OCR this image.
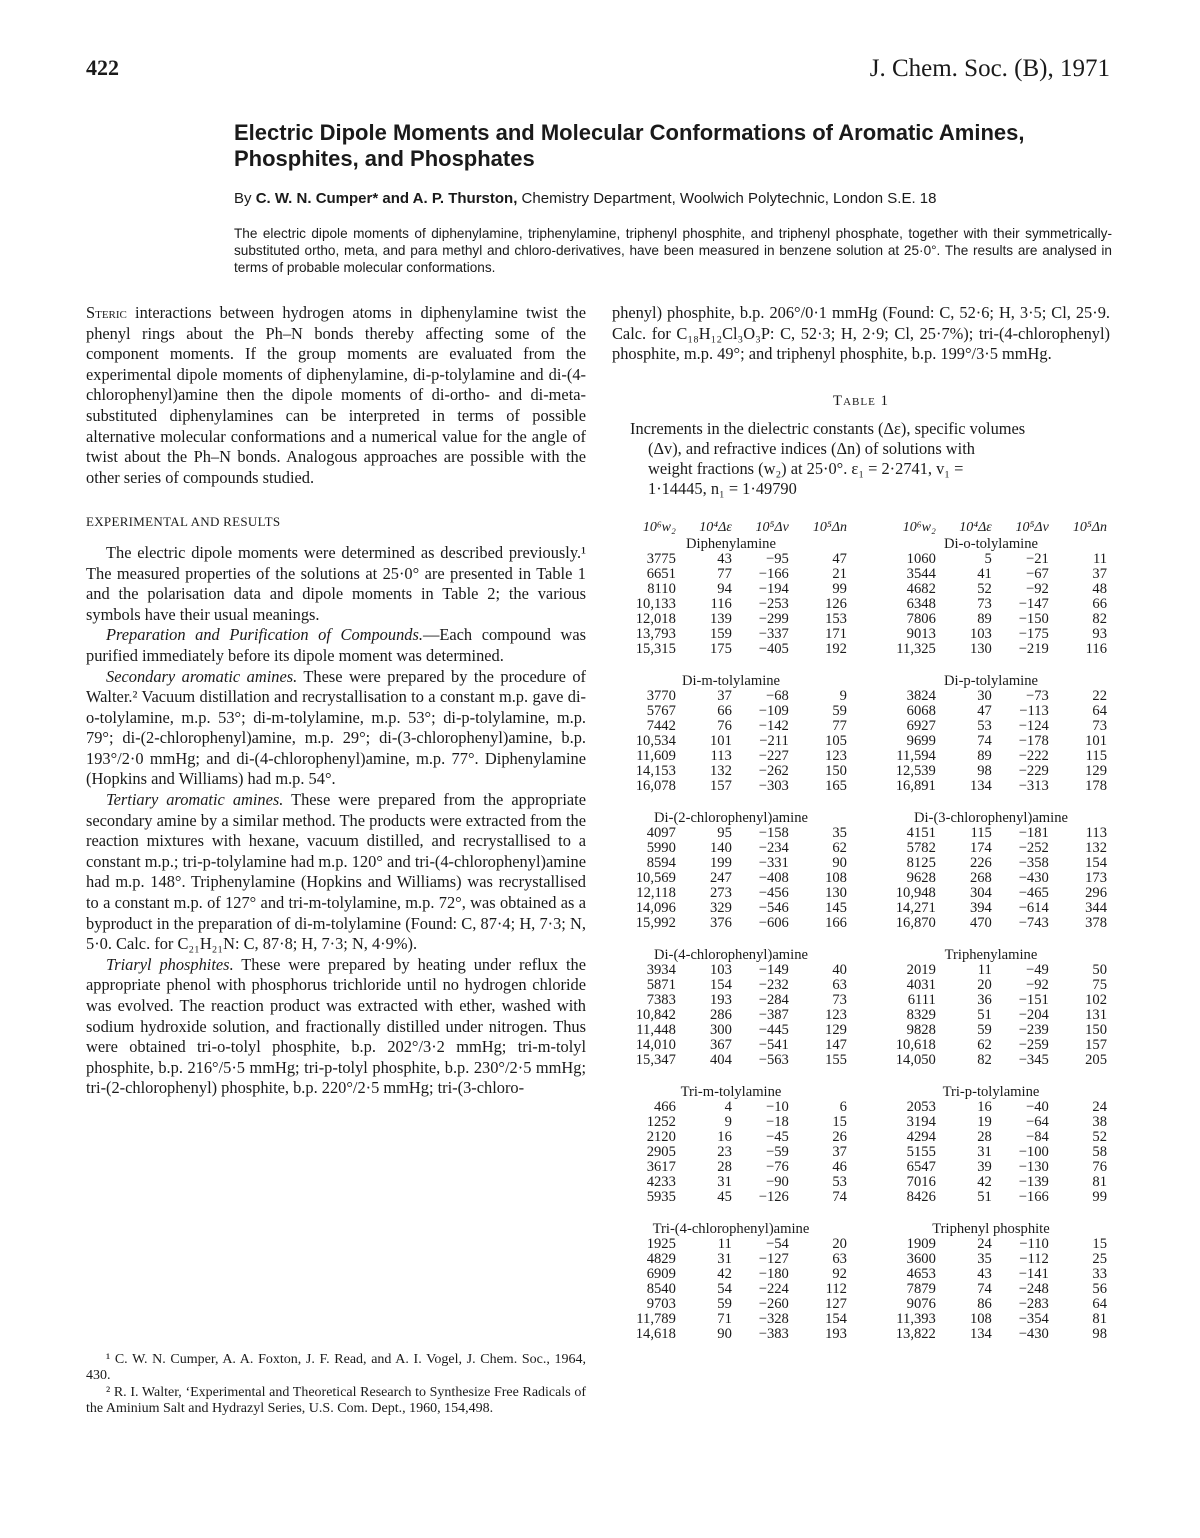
422	J. Chem. Soc. (B), 1971
Electric Dipole Moments and Molecular Conformations of Aromatic Amines, Phosphites, and Phosphates
By C. W. N. Cumper* and A. P. Thurston, Chemistry Department, Woolwich Polytechnic, London S.E. 18

The electric dipole moments of diphenylamine, triphenylamine, triphenyl phosphite, and triphenyl phosphate, together with their symmetrically-substituted ortho, meta, and para methyl and chloro-derivatives, have been measured in benzene solution at 25·0°. The results are analysed in terms of probable molecular conformations.

Steric interactions between hydrogen atoms in diphenylamine twist the phenyl rings about the Ph–N bonds thereby affecting some of the component moments. If the group moments are evaluated from the experimental dipole moments of diphenylamine, di-p-tolylamine and di-(4-chlorophenyl)amine then the dipole moments of di-ortho- and di-meta-substituted diphenylamines can be interpreted in terms of possible alternative molecular conformations and a numerical value for the angle of twist about the Ph–N bonds. Analogous approaches are possible with the other series of compounds studied.

EXPERIMENTAL AND RESULTS

The electric dipole moments were determined as described previously.¹ The measured properties of the solutions at 25·0° are presented in Table 1 and the polarisation data and dipole moments in Table 2; the various symbols have their usual meanings.

Preparation and Purification of Compounds.—Each compound was purified immediately before its dipole moment was determined.

Secondary aromatic amines. These were prepared by the procedure of Walter.² Vacuum distillation and recrystallisation to a constant m.p. gave di-o-tolylamine, m.p. 53°; di-m-tolylamine, m.p. 53°; di-p-tolylamine, m.p. 79°; di-(2-chlorophenyl)amine, m.p. 29°; di-(3-chlorophenyl)amine, b.p. 193°/2·0 mmHg; and di-(4-chlorophenyl)amine, m.p. 77°. Diphenylamine (Hopkins and Williams) had m.p. 54°.

Tertiary aromatic amines. These were prepared from the appropriate secondary amine by a similar method. The products were extracted from the reaction mixtures with hexane, vacuum distilled, and recrystallised to a constant m.p.; tri-p-tolylamine had m.p. 120° and tri-(4-chlorophenyl)amine had m.p. 148°. Triphenylamine (Hopkins and Williams) was recrystallised to a constant m.p. of 127° and tri-m-tolylamine, m.p. 72°, was obtained as a byproduct in the preparation of di-m-tolylamine (Found: C, 87·4; H, 7·3; N, 5·0. Calc. for C₂₁H₂₁N: C, 87·8; H, 7·3; N, 4·9%).

Triaryl phosphites. These were prepared by heating under reflux the appropriate phenol with phosphorus trichloride until no hydrogen chloride was evolved. The reaction product was extracted with ether, washed with sodium hydroxide solution, and fractionally distilled under nitrogen. Thus were obtained tri-o-tolyl phosphite, b.p. 202°/3·2 mmHg; tri-m-tolyl phosphite, b.p. 216°/5·5 mmHg; tri-p-tolyl phosphite, b.p. 230°/2·5 mmHg; tri-(2-chlorophenyl) phosphite, b.p. 220°/2·5 mmHg; tri-(3-chloro-

¹ C. W. N. Cumper, A. A. Foxton, J. F. Read, and A. I. Vogel, J. Chem. Soc., 1964, 430.

² R. I. Walter, ‘Experimental and Theoretical Research to Synthesize Free Radicals of the Aminium Salt and Hydrazyl Series, U.S. Com. Dept., 1960, 154,498.

phenyl) phosphite, b.p. 206°/0·1 mmHg (Found: C, 52·6; H, 3·5; Cl, 25·9. Calc. for C₁₈H₁₂Cl₃O₃P: C, 52·3; H, 2·9; Cl, 25·7%); tri-(4-chlorophenyl) phosphite, m.p. 49°; and triphenyl phosphite, b.p. 199°/3·5 mmHg.

Table 1

Increments in the dielectric constants (Δε), specific volumes
(Δv), and refractive indices (Δn) of solutions with
weight fractions (w₂) at 25·0°. ε₁ = 2·2741, v₁ =
1·14445, n₁ = 1·49790
10⁶w₂	10⁴Δε	10⁵Δv	10⁵Δn		10⁶w₂	10⁴Δε	10⁵Δv	10⁵Δn
Diphenylamine					Di-o-tolylamine			
3775	43	−95	47		1060	5	−21	11
6651	77	−166	21		3544	41	−67	37
8110	94	−194	99		4682	52	−92	48
10,133	116	−253	126		6348	73	−147	66
12,018	139	−299	153		7806	89	−150	82
13,793	159	−337	171		9013	103	−175	93
15,315	175	−405	192		11,325	130	−219	116

Di-m-tolylamine					Di-p-tolylamine			
3770	37	−68	9		3824	30	−73	22
5767	66	−109	59		6068	47	−113	64
7442	76	−142	77		6927	53	−124	73
10,534	101	−211	105		9699	74	−178	101
11,609	113	−227	123		11,594	89	−222	115
14,153	132	−262	150		12,539	98	−229	129
16,078	157	−303	165		16,891	134	−313	178

Di-(2-chlorophenyl)amine					Di-(3-chlorophenyl)amine			
4097	95	−158	35		4151	115	−181	113
5990	140	−234	62		5782	174	−252	132
8594	199	−331	90		8125	226	−358	154
10,569	247	−408	108		9628	268	−430	173
12,118	273	−456	130		10,948	304	−465	296
14,096	329	−546	145		14,271	394	−614	344
15,992	376	−606	166		16,870	470	−743	378

Di-(4-chlorophenyl)amine					Triphenylamine			
3934	103	−149	40		2019	11	−49	50
5871	154	−232	63		4031	20	−92	75
7383	193	−284	73		6111	36	−151	102
10,842	286	−387	123		8329	51	−204	131
11,448	300	−445	129		9828	59	−239	150
14,010	367	−541	147		10,618	62	−259	157
15,347	404	−563	155		14,050	82	−345	205

Tri-m-tolylamine					Tri-p-tolylamine			
466	4	−10	6		2053	16	−40	24
1252	9	−18	15		3194	19	−64	38
2120	16	−45	26		4294	28	−84	52
2905	23	−59	37		5155	31	−100	58
3617	28	−76	46		6547	39	−130	76
4233	31	−90	53		7016	42	−139	81
5935	45	−126	74		8426	51	−166	99

Tri-(4-chlorophenyl)amine					Triphenyl phosphite			
1925	11	−54	20		1909	24	−110	15
4829	31	−127	63		3600	35	−112	25
6909	42	−180	92		4653	43	−141	33
8540	54	−224	112		7879	74	−248	56
9703	59	−260	127		9076	86	−283	64
11,789	71	−328	154		11,393	108	−354	81
14,618	90	−383	193		13,822	134	−430	98
